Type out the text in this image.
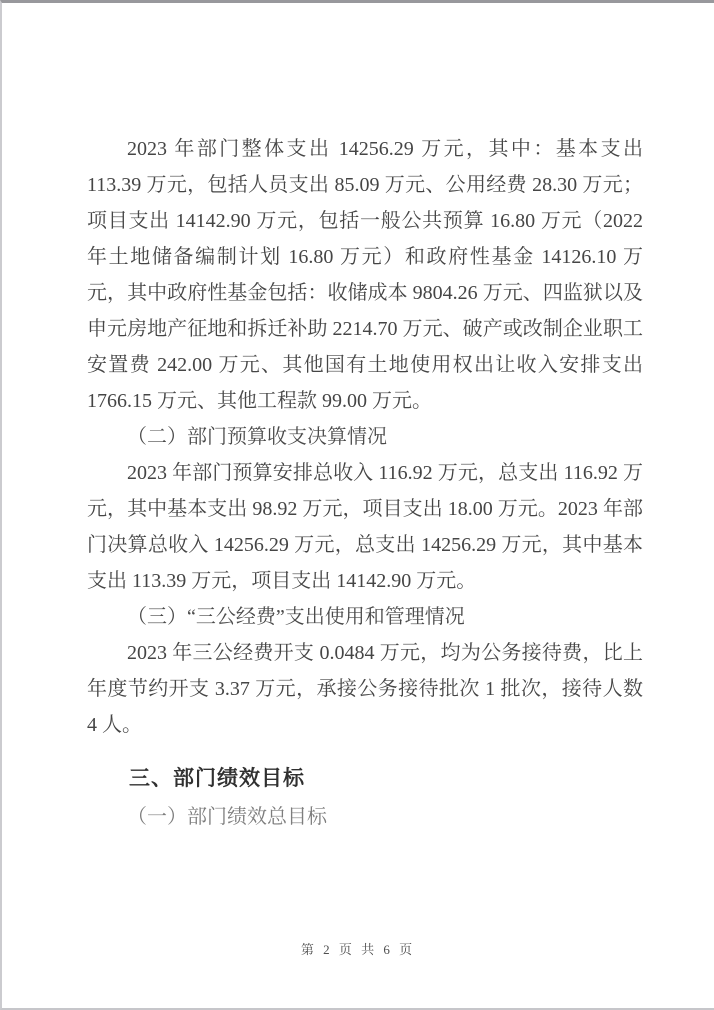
2023 年部门整体支出 14256.29 万元，其中：基本支出 113.39 万元，包括人员支出 85.09 万元、公用经费 28.30 万元；项目支出 14142.90 万元，包括一般公共预算 16.80 万元（2022 年土地储备编制计划 16.80 万元）和政府性基金 14126.10 万元，其中政府性基金包括：收储成本 9804.26 万元、四监狱以及申元房地产征地和拆迁补助 2214.70 万元、破产或改制企业职工安置费 242.00 万元、其他国有土地使用权出让收入安排支出 1766.15 万元、其他工程款 99.00 万元。

（二）部门预算收支决算情况

2023 年部门预算安排总收入 116.92 万元，总支出 116.92 万元，其中基本支出 98.92 万元，项目支出 18.00 万元。2023 年部门决算总收入 14256.29 万元，总支出 14256.29 万元，其中基本支出 113.39 万元，项目支出 14142.90 万元。

（三）“三公经费”支出使用和管理情况

2023 年三公经费开支 0.0484 万元，均为公务接待费，比上年度节约开支 3.37 万元，承接公务接待批次 1 批次，接待人数 4 人。

三、部门绩效目标

（一）部门绩效总目标

第 2 页 共 6 页
